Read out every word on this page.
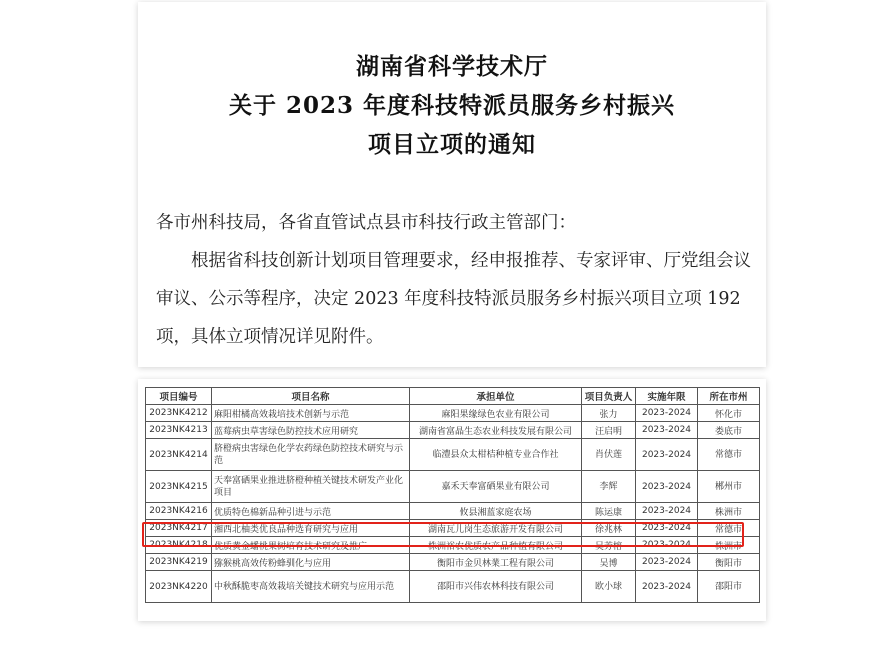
湖南省科学技术厅
关于 2023 年度科技特派员服务乡村振兴
项目立项的通知

各市州科技局，各省直管试点县市科技行政主管部门：

根据省科技创新计划项目管理要求，经申报推荐、专家评审、厅党组会议审议、公示等程序，决定 2023 年度科技特派员服务乡村振兴项目立项 192 项，具体立项情况详见附件。

项目编号	项目名称	承担单位	项目负责人	实施年限	所在市州
2023NK4212	麻阳柑橘高效栽培技术创新与示范	麻阳果缘绿色农业有限公司	张力	2023-2024	怀化市
2023NK4213	蓝莓病虫草害绿色防控技术应用研究	湖南省富晶生态农业科技发展有限公司	汪启明	2023-2024	娄底市
2023NK4214	脐橙病虫害绿色化学农药绿色防控技术研究与示范	临澧县众太柑桔种植专业合作社	肖伏莲	2023-2024	常德市
2023NK4215	天奉富硒果业推进脐橙种植关键技术研发产业化项目	嘉禾天奉富硒果业有限公司	李辉	2023-2024	郴州市
2023NK4216	优质特色棉新品种引进与示范	攸县湘蓝家庭农场	陈运康	2023-2024	株洲市
2023NK4217	湘西北柚类优良品种选育研究与应用	湖南瓦儿岗生态旅游开发有限公司	徐兆林	2023-2024	常德市
2023NK4218	优质黄金蟠桃果树培育技术研究及推广	株洲裕农优质农产品种植有限公司	吴芳榕	2023-2024	株洲市
2023NK4219	猕猴桃高效传粉蜂驯化与应用	衡阳市金贝林業工程有限公司	吴博	2023-2024	衡阳市
2023NK4220	中秋酥脆枣高效栽培关键技术研究与应用示范	邵阳市兴伟农林科技有限公司	欧小球	2023-2024	邵阳市
